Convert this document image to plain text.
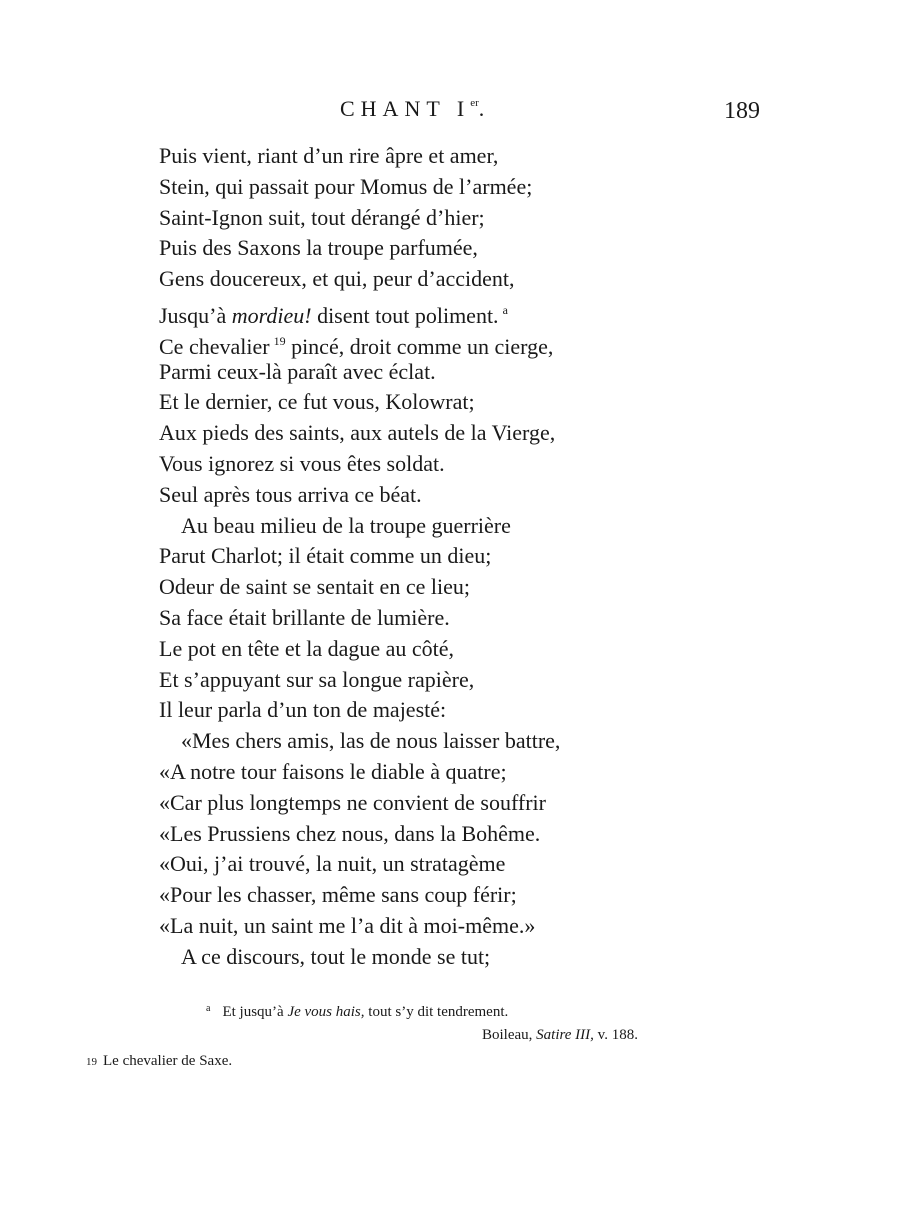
CHANT Ier.	189
Puis vient, riant d’un rire âpre et amer,
Stein, qui passait pour Momus de l’armée;
Saint-Ignon suit, tout dérangé d’hier;
Puis des Saxons la troupe parfumée,
Gens doucereux, et qui, peur d’accident,
Jusqu’à mordieu! disent tout poliment. $^a$
Ce chevalier $^{19}$ pincé, droit comme un cierge,
Parmi ceux-là paraît avec éclat.
Et le dernier, ce fut vous, Kolowrat;
Aux pieds des saints, aux autels de la Vierge,
Vous ignorez si vous êtes soldat.
Seul après tous arriva ce béat.
Au beau milieu de la troupe guerrière
Parut Charlot; il était comme un dieu;
Odeur de saint se sentait en ce lieu;
Sa face était brillante de lumière.
Le pot en tête et la dague au côté,
Et s’appuyant sur sa longue rapière,
Il leur parla d’un ton de majesté:
«Mes chers amis, las de nous laisser battre,
«A notre tour faisons le diable à quatre;
«Car plus longtemps ne convient de souffrir
«Les Prussiens chez nous, dans la Bohême.
«Oui, j’ai trouvé, la nuit, un stratagème
«Pour les chasser, même sans coup férir;
«La nuit, un saint me l’a dit à moi-même.»
A ce discours, tout le monde se tut;
$^a$ Et jusqu’à Je vous hais, tout s’y dit tendrement.
Boileau, Satire III, v. 188.
19 Le chevalier de Saxe.
